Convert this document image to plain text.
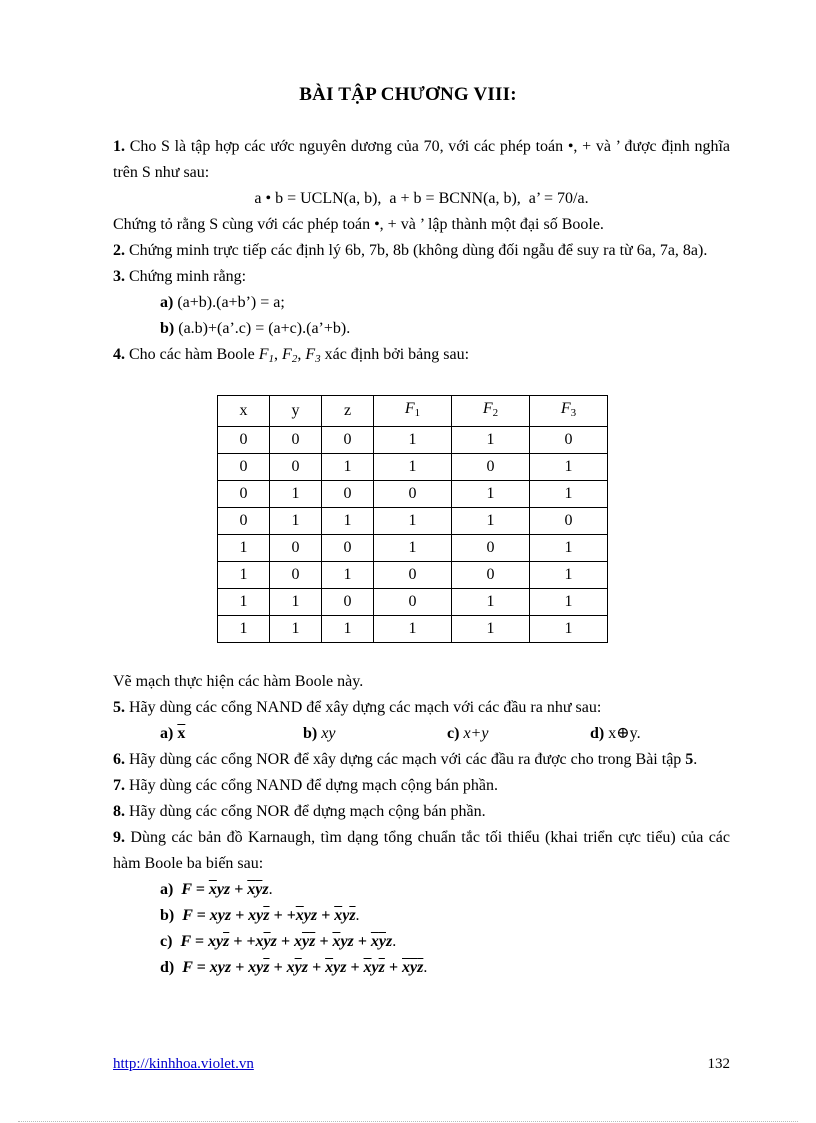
BÀI TẬP CHƯƠNG VIII:
1. Cho S là tập hợp các ước nguyên dương của 70, với các phép toán •, + và ’ được định nghĩa trên S như sau:
a • b = UCLN(a, b),  a + b = BCNN(a, b),  a’ = 70/a.
Chứng tỏ rằng S cùng với các phép toán •, + và ’ lập thành một đại số Boole.
2. Chứng minh trực tiếp các định lý 6b, 7b, 8b (không dùng đối ngẫu để suy ra từ 6a, 7a, 8a).
3. Chứng minh rằng:
a) (a+b).(a+b’) = a;
b) (a.b)+(a’.c) = (a+c).(a’+b).
4. Cho các hàm Boole $F_1$, $F_2$, $F_3$ xác định bởi bảng sau:
x	y	z	$F_1$	$F_2$	$F_3$
0	0	0	1	1	0
0	0	1	1	0	1
0	1	0	0	1	1
0	1	1	1	1	0
1	0	0	1	0	1
1	0	1	0	0	1
1	1	0	0	1	1
1	1	1	1	1	1
Vẽ mạch thực hiện các hàm Boole này.
5. Hãy dùng các cổng NAND để xây dựng các mạch với các đầu ra như sau:
a) $\overline{x}$	b) xy	c) x+y	d) x⊕y.
6. Hãy dùng các cổng NOR để xây dựng các mạch với các đầu ra được cho trong Bài tập 5.
7. Hãy dùng các cổng NAND để dựng mạch cộng bán phần.
8. Hãy dùng các cổng NOR để dựng mạch cộng bán phần.
9. Dùng các bản đồ Karnaugh, tìm dạng tổng chuẩn tắc tối thiểu (khai triển cực tiểu) của các hàm Boole ba biến sau:
a) $F = \overline{x}yz + \overline{x}\overline{y}z$.
b) F = xyz + $xy\overline{z} + +\overline{x}yz + \overline{x}y\overline{z}$.
c) $F = xy\overline{z} + +x\overline{y}z + x\overline{y}\overline{z} + \overline{x}yz + \overline{x}\overline{y}z$.
d) F = xyz + $xy\overline{z} + x\overline{y}z + \overline{x}yz + \overline{x}y\overline{z} + \overline{x}\overline{y}\overline{z}$.
http://kinhhoa.violet.vn	132
